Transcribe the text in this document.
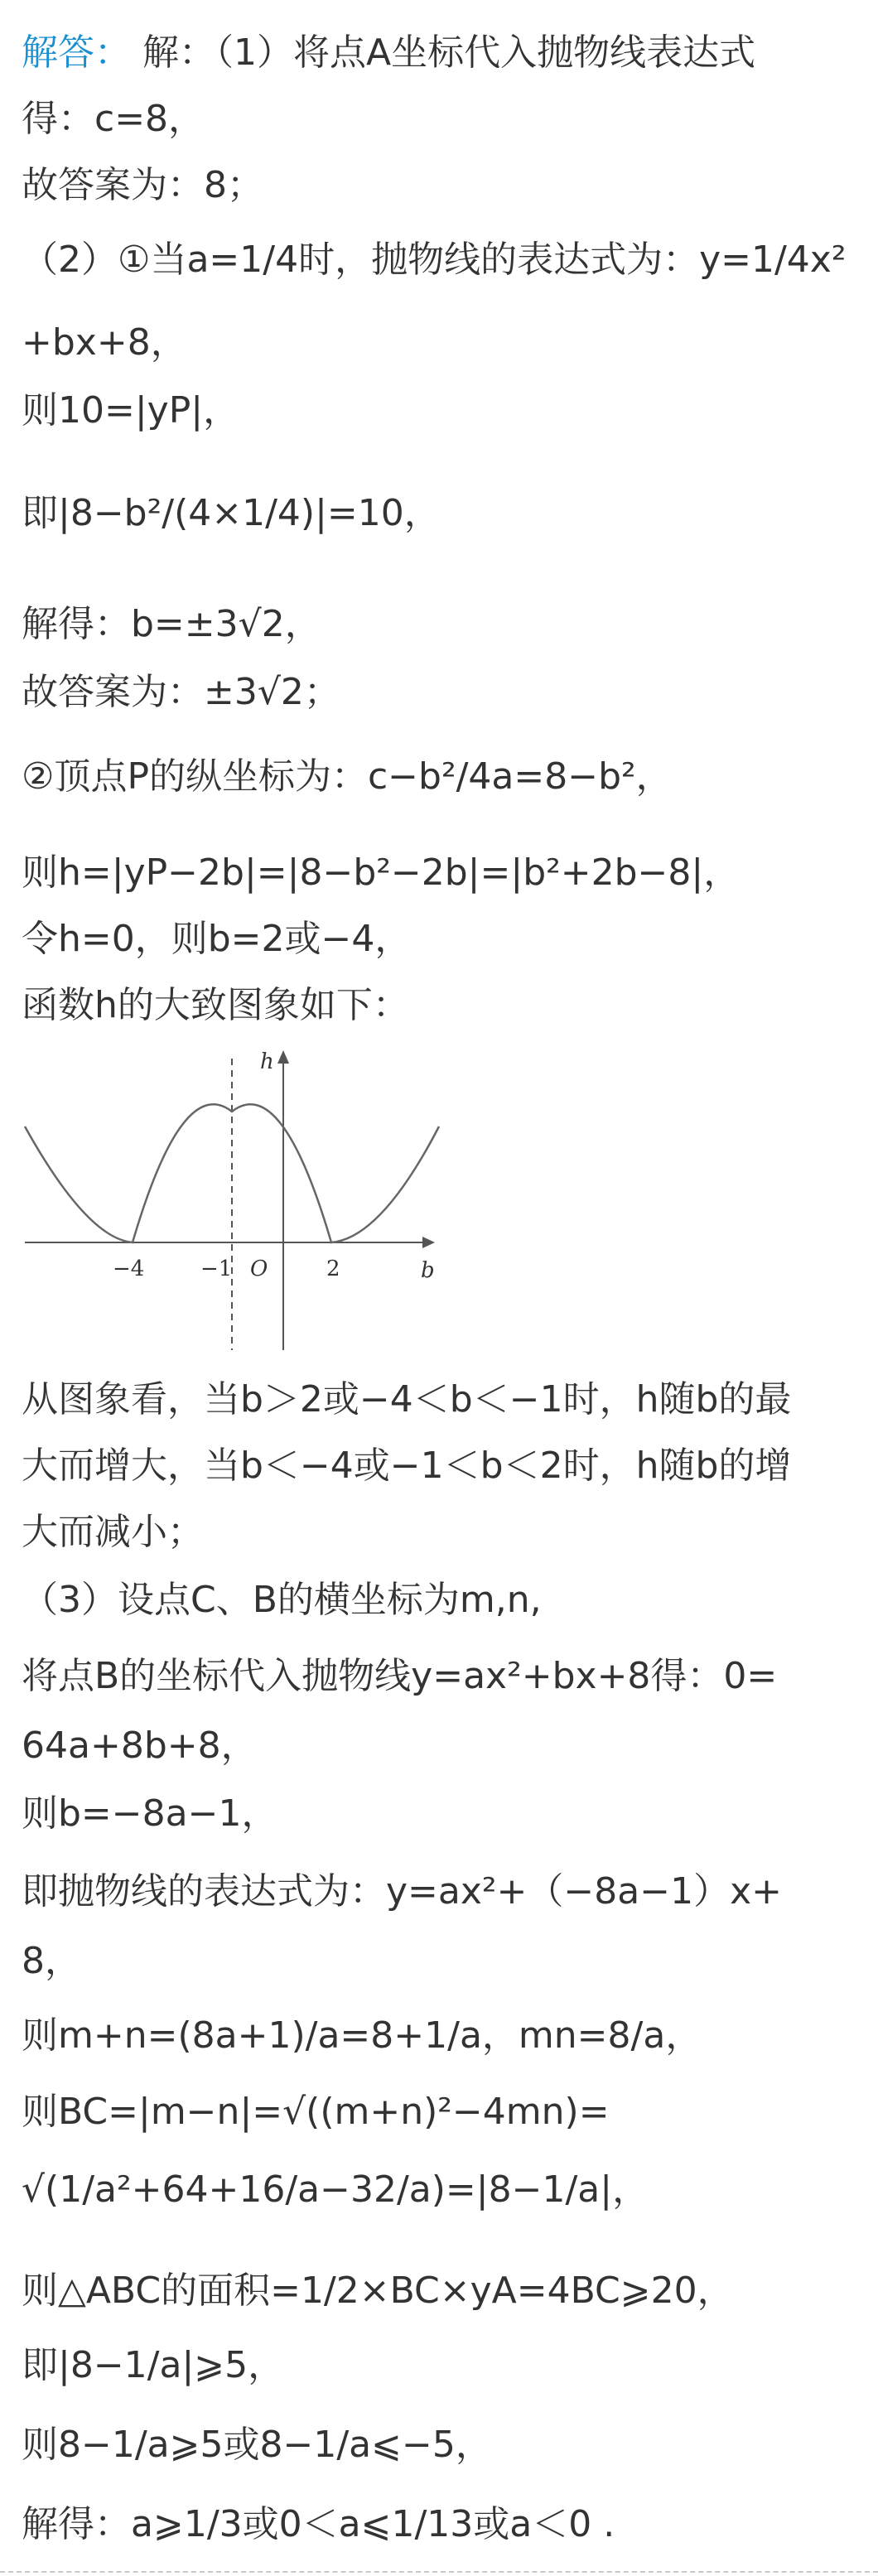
解答： 解：（1）将点A坐标代入抛物线表达式
得：c=8，
故答案为：8；
（2）①当a=1/4时，抛物线的表达式为：y=1/4x²
+bx+8，
则10=|yP|，
即|8−b²/(4×1/4)|=10，
解得：b=±3√2，
故答案为：±3√2；
②顶点P的纵坐标为：c−b²/4a=8−b²，
则h=|yP−2b|=|8−b²−2b|=|b²+2b−8|，
令h=0，则b=2或−4，
函数h的大致图象如下：
h
b
−4	−1 O	2
从图象看，当b＞2或−4＜b＜−1时，h随b的最
大而增大，当b＜−4或−1＜b＜2时，h随b的增
大而减小；
（3）设点C、B的横坐标为m,n,
将点B的坐标代入抛物线y=ax²+bx+8得：0=
64a+8b+8，
则b=−8a−1，
即抛物线的表达式为：y=ax²+（−8a−1）x+
8，
则m+n=(8a+1)/a=8+1/a，mn=8/a，
则BC=|m−n|=√((m+n)²−4mn)=
√(1/a²+64+16/a−32/a)=|8−1/a|，
则△ABC的面积=1/2×BC×yA=4BC⩾20，
即|8−1/a|⩾5，
则8−1/a⩾5或8−1/a⩽−5，
解得：a⩾1/3或0＜a⩽1/13或a＜0 .
